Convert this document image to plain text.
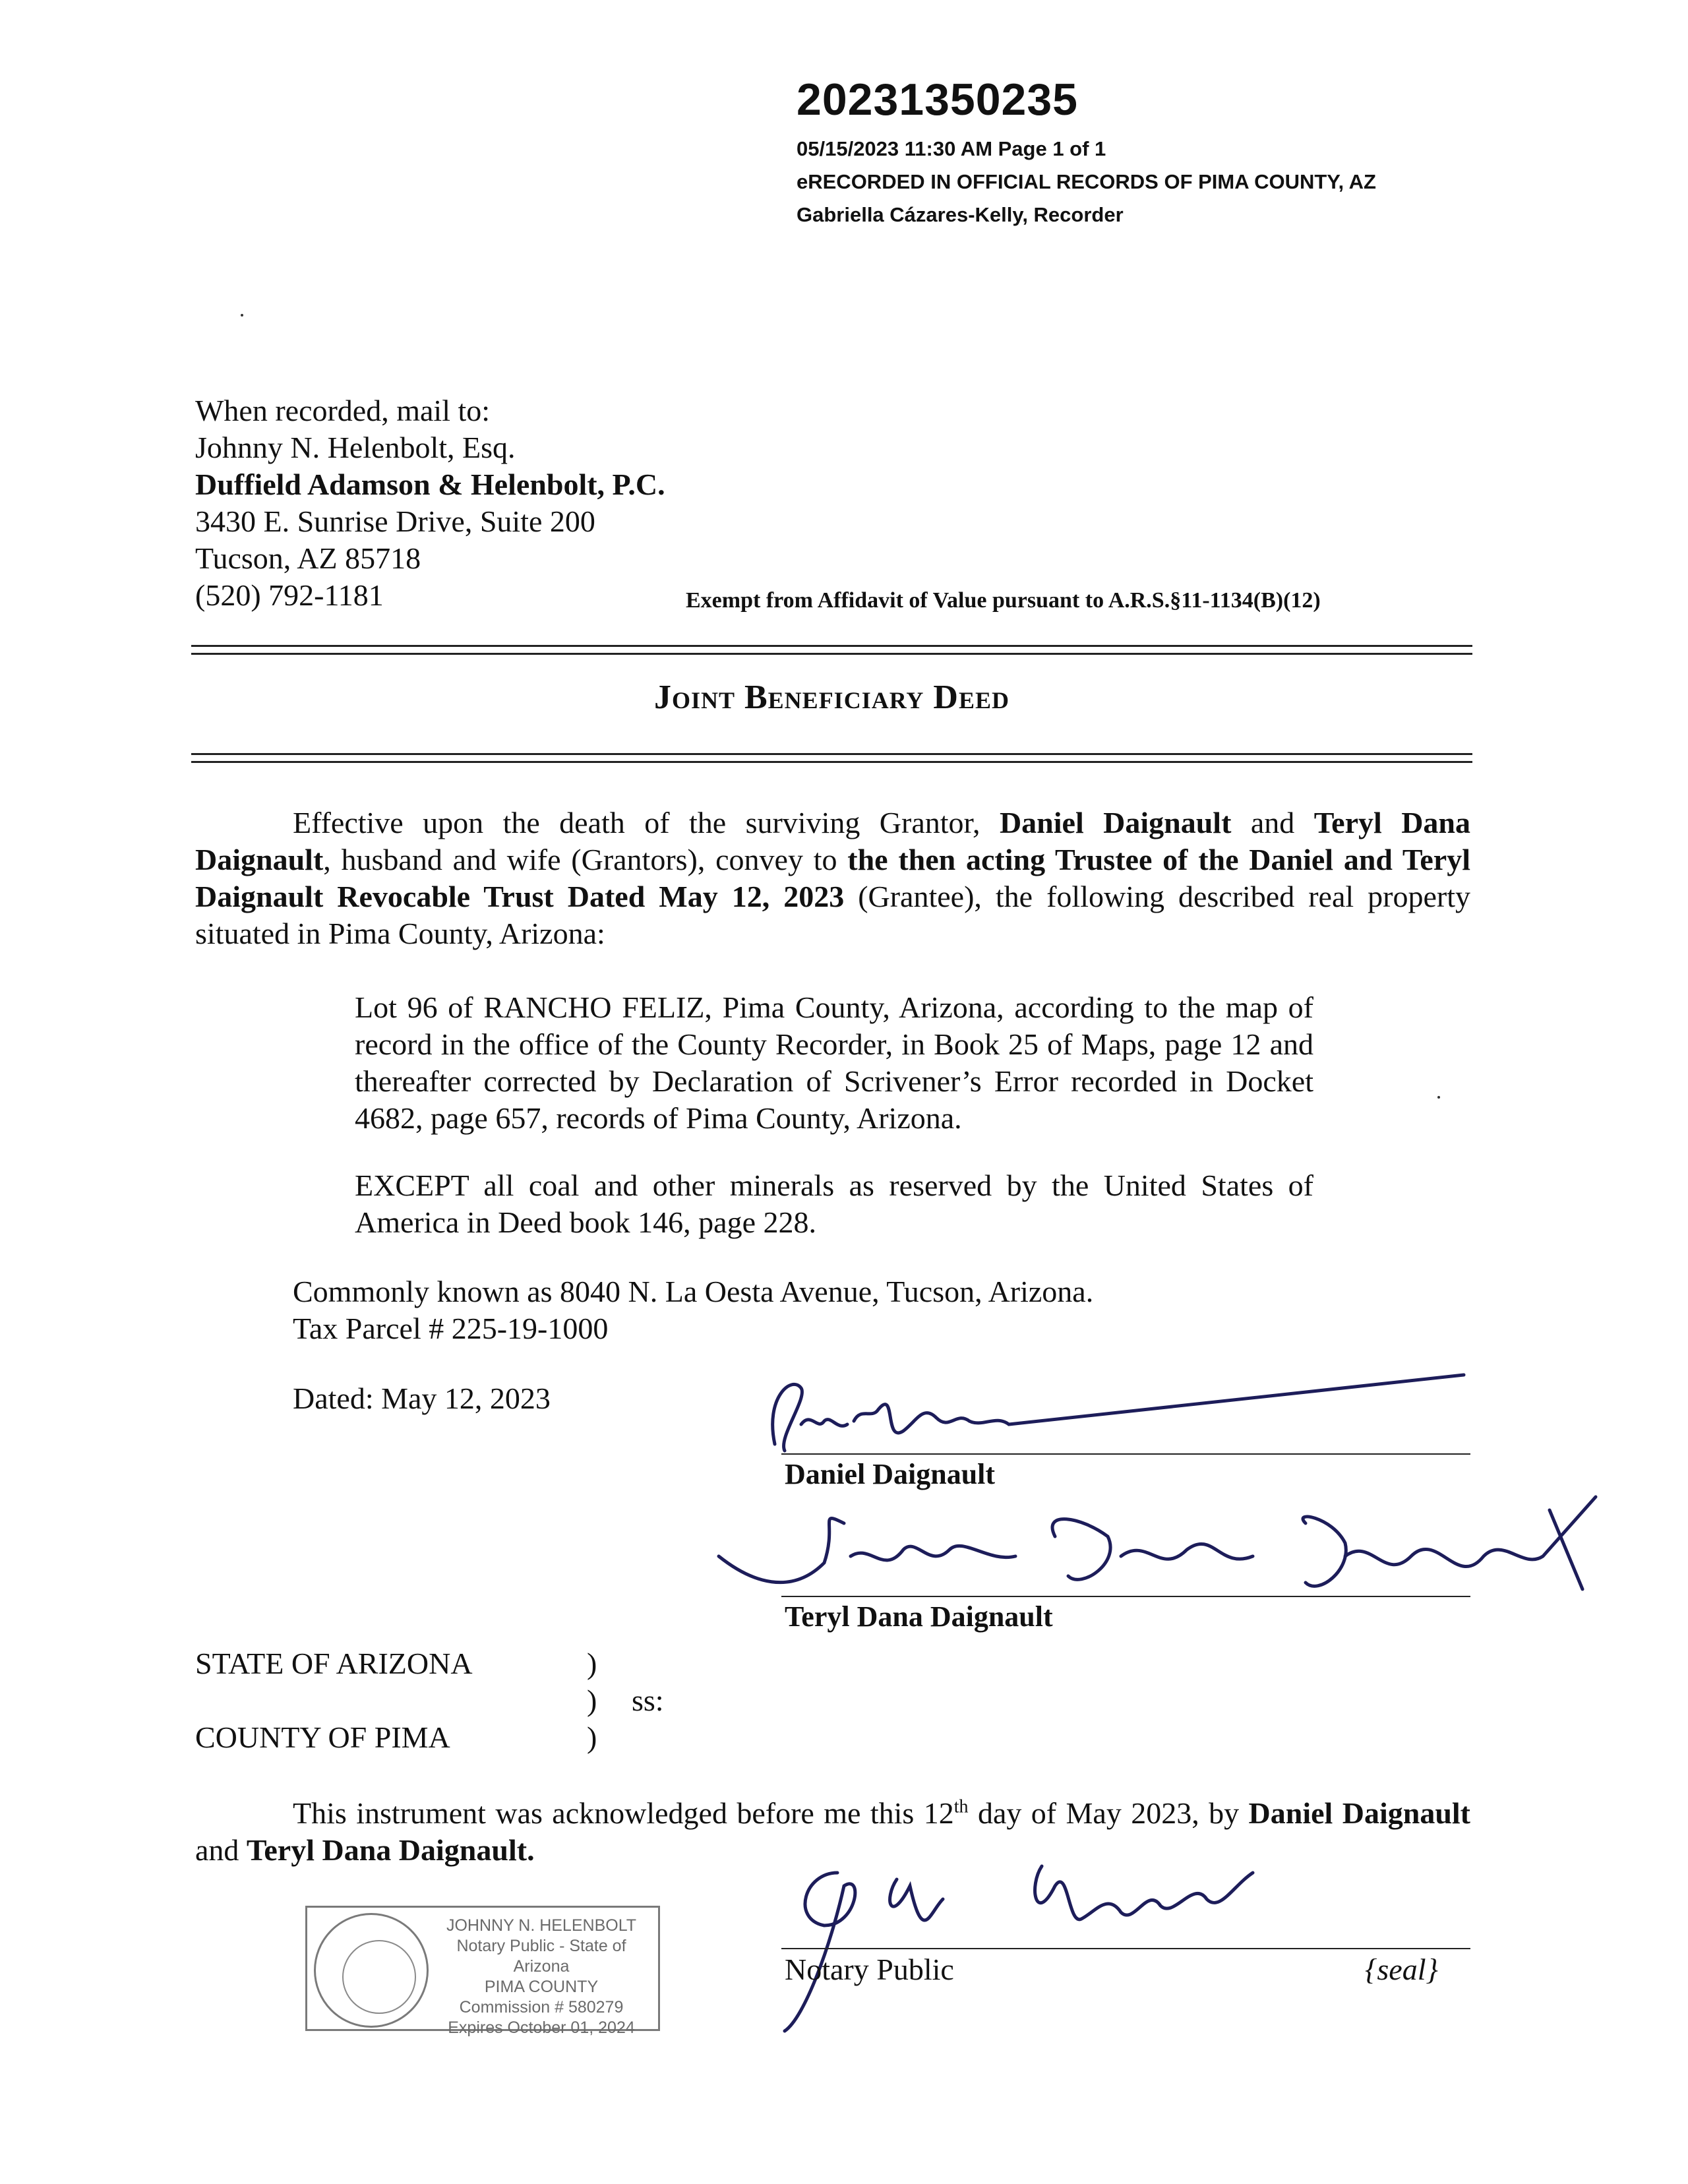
20231350235
05/15/2023 11:30 AM Page 1 of 1
eRECORDED IN OFFICIAL RECORDS OF PIMA COUNTY, AZ
Gabriella Cázares-Kelly, Recorder
When recorded, mail to:
Johnny N. Helenbolt, Esq.
Duffield Adamson & Helenbolt, P.C.
3430 E. Sunrise Drive, Suite 200
Tucson, AZ 85718
(520) 792-1181	Exempt from Affidavit of Value pursuant to A.R.S.§11-1134(B)(12)
Joint Beneficiary Deed
Effective upon the death of the surviving Grantor, Daniel Daignault and Teryl Dana Daignault, husband and wife (Grantors), convey to the then acting Trustee of the Daniel and Teryl Daignault Revocable Trust Dated May 12, 2023 (Grantee), the following described real property situated in Pima County, Arizona:
Lot 96 of RANCHO FELIZ, Pima County, Arizona, according to the map of record in the office of the County Recorder, in Book 25 of Maps, page 12 and thereafter corrected by Declaration of Scrivener’s Error recorded in Docket 4682, page 657, records of Pima County, Arizona.
EXCEPT all coal and other minerals as reserved by the United States of America in Deed book 146, page 228.
Commonly known as 8040 N. La Oesta Avenue, Tucson, Arizona.
Tax Parcel # 225-19-1000
Dated: May 12, 2023
Daniel Daignault
Teryl Dana Daignault
STATE OF ARIZONA	)
) ss:
COUNTY OF PIMA	)
This instrument was acknowledged before me this 12th day of May 2023, by Daniel Daignault and Teryl Dana Daignault.
JOHNNY N. HELENBOLT
Notary Public - State of Arizona
PIMA COUNTY
Commission # 580279
Expires October 01, 2024
Notary Public	{seal}
